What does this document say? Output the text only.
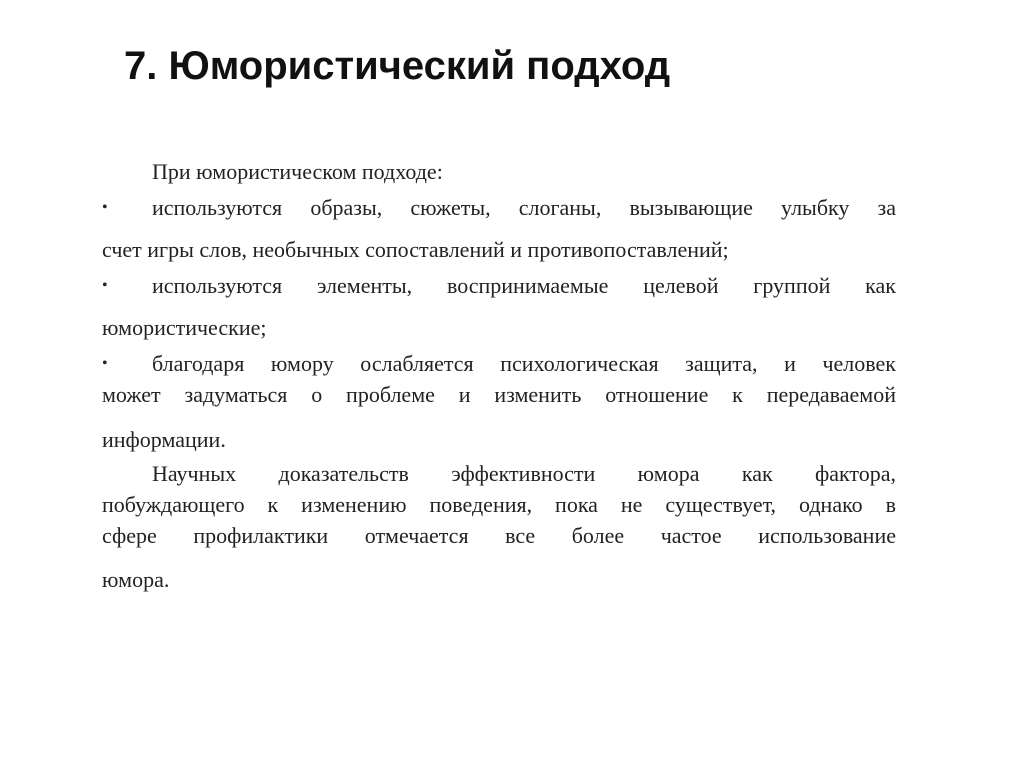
7. Юмористический подход
При юмористическом подходе:
•	используются образы, сюжеты, слоганы, вызывающие улыбку за
счет игры слов, необычных сопоставлений и противопоставлений;
•	используются элементы, воспринимаемые целевой группой как
юмористические;
•	благодаря юмору ослабляется психологическая защита, и человек
может задуматься о проблеме и изменить отношение к передаваемой
информации.
Научных доказательств эффективности юмора как фактора,
побуждающего к изменению поведения, пока не существует, однако в
сфере профилактики отмечается все более частое использование
юмора.
